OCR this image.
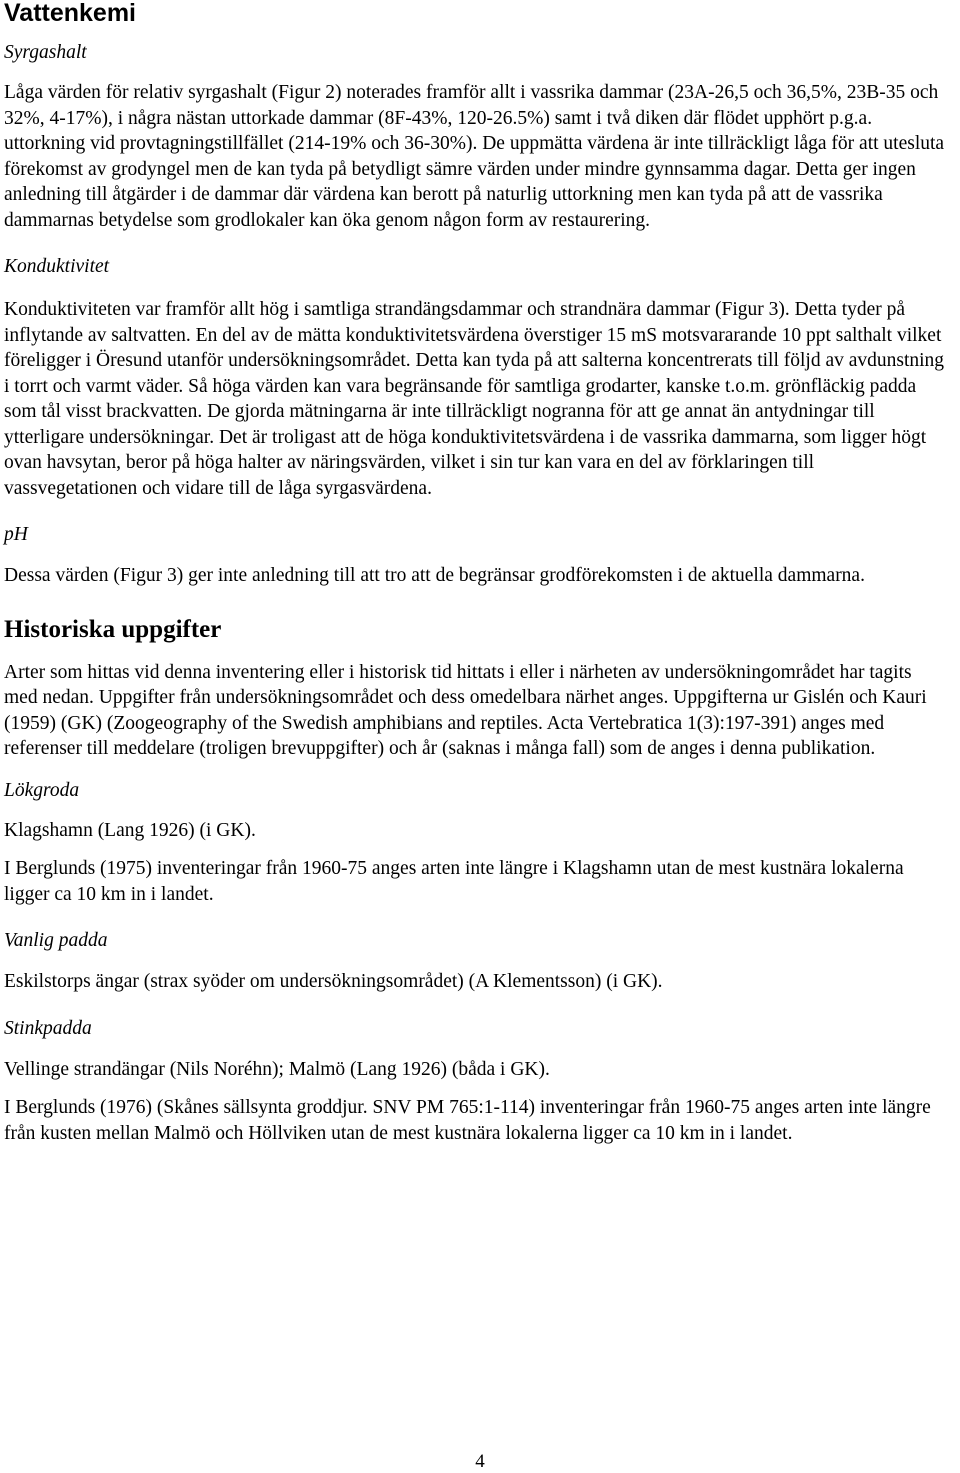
Vattenkemi
Syrgashalt

Låga värden för relativ syrgashalt (Figur 2) noterades framför allt i vassrika dammar (23A-26,5 och 36,5%, 23B-35 och 32%, 4-17%), i några nästan uttorkade dammar (8F-43%, 120-26.5%) samt i två diken där flödet upphört p.g.a. uttorkning vid provtagningstillfället (214-19% och 36-30%). De uppmätta värdena är inte tillräckligt låga för att utesluta förekomst av grodyngel men de kan tyda på betydligt sämre värden under mindre gynnsamma dagar. Detta ger ingen anledning till åtgärder i de dammar där värdena kan berott på naturlig uttorkning men kan tyda på att de vassrika dammarnas betydelse som grodlokaler kan öka genom någon form av restaurering.

Konduktivitet

Konduktiviteten var framför allt hög i samtliga strandängsdammar och strandnära dammar (Figur 3). Detta tyder på inflytande av saltvatten. En del av de mätta konduktivitetsvärdena överstiger 15 mS motsvararande 10 ppt salthalt vilket föreligger i Öresund utanför undersökningsområdet. Detta kan tyda på att salterna koncentrerats till följd av avdunstning i torrt och varmt väder. Så höga värden kan vara begränsande för samtliga grodarter, kanske t.o.m. grönfläckig padda som tål visst brackvatten. De gjorda mätningarna är inte tillräckligt nogranna för att ge annat än antydningar till ytterligare undersökningar. Det är troligast att de höga konduktivitetsvärdena i de vassrika dammarna, som ligger högt ovan havsytan, beror på höga halter av näringsvärden, vilket i sin tur kan vara en del av förklaringen till vassvegetationen och vidare till de låga syrgasvärdena.

pH

Dessa värden (Figur 3) ger inte anledning till att tro att de begränsar grodförekomsten i de aktuella dammarna.

Historiska uppgifter

Arter som hittas vid denna inventering eller i historisk tid hittats i eller i närheten av undersökningområdet har tagits med nedan. Uppgifter från undersökningsområdet och dess omedelbara närhet anges. Uppgifterna ur Gislén och Kauri (1959) (GK) (Zoogeography of the Swedish amphibians and reptiles. Acta Vertebratica 1(3):197-391) anges med referenser till meddelare (troligen brevuppgifter) och år (saknas i många fall) som de anges i denna publikation.

Lökgroda

Klagshamn (Lang 1926) (i GK).

I Berglunds (1975) inventeringar från 1960-75 anges arten inte längre i Klagshamn utan de mest kustnära lokalerna ligger ca 10 km in i landet.

Vanlig padda

Eskilstorps ängar (strax syöder om undersökningsområdet) (A Klementsson) (i GK).

Stinkpadda

Vellinge strandängar (Nils Noréhn); Malmö (Lang 1926) (båda i GK).

I Berglunds (1976) (Skånes sällsynta groddjur. SNV PM 765:1-114) inventeringar från 1960-75 anges arten inte längre från kusten mellan Malmö och Höllviken utan de mest kustnära lokalerna ligger ca 10 km in i landet.

4
